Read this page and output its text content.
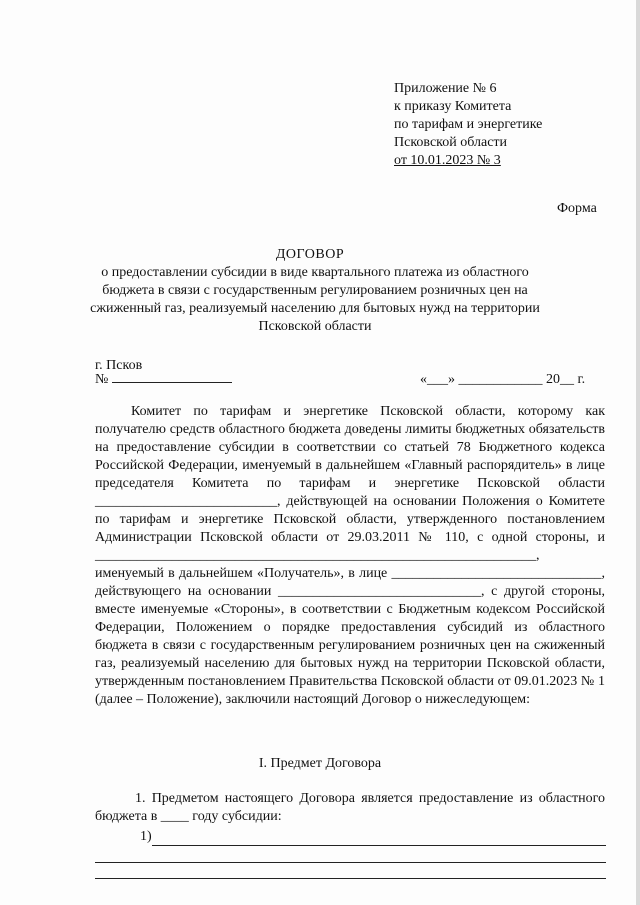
Приложение № 6
к приказу Комитета
по тарифам и энергетике
Псковской области
от 10.01.2023 № 3
Форма
ДОГОВОР
о предоставлении субсидии в виде квартального платежа из областного бюджета в связи с государственным регулированием розничных цен на сжиженный газ, реализуемый населению для бытовых нужд на территории Псковской области
г. Псков
№	«___» ____________ 20__ г.
Комитет по тарифам и энергетике Псковской области, которому как получателю средств областного бюджета доведены лимиты бюджетных обязательств на предоставление субсидии в соответствии со статьей 78 Бюджетного кодекса Российской Федерации, именуемый в дальнейшем «Главный распорядитель» в лице председателя Комитета по тарифам и энергетике Псковской области __________________________, действующей на основании Положения о Комитете по тарифам и энергетике Псковской области, утвержденного постановлением Администрации Псковской области от 29.03.2011 № 110, с одной стороны, и _______________________________________________________________, именуемый в дальнейшем «Получатель», в лице ______________________________, действующего на основании _____________________________, с другой стороны, вместе именуемые «Стороны», в соответствии с Бюджетным кодексом Российской Федерации, Положением о порядке предоставления субсидий из областного бюджета в связи с государственным регулированием розничных цен на сжиженный газ, реализуемый населению для бытовых нужд на территории Псковской области, утвержденным постановлением Правительства Псковской области от 09.01.2023 № 1 (далее – Положение), заключили настоящий Договор о нижеследующем:
I. Предмет Договора
1. Предметом настоящего Договора является предоставление из областного бюджета в ____ году субсидии:
1)
